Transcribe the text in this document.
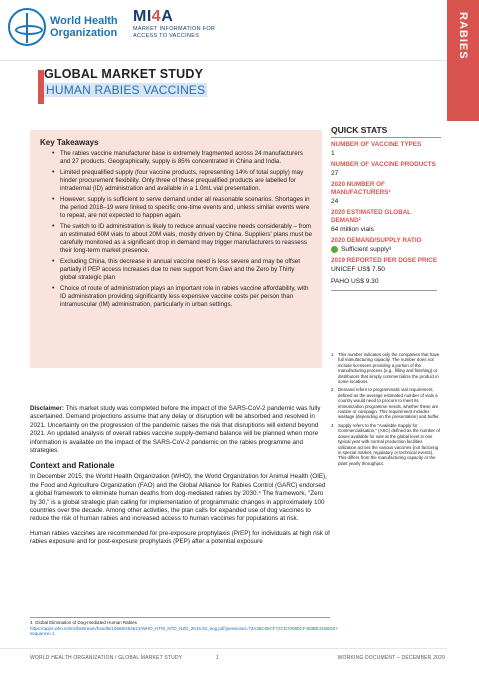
RABIES
World Health
Organization
MI4A
MARKET INFORMATION FOR
ACCESS TO VACCINES
GLOBAL MARKET STUDY
HUMAN RABIES VACCINES
Key Takeaways
• The rabies vaccine manufacturer base is extremely fragmented across 24 manufacturers and 27 products. Geographically, supply is 85% concentrated in China and India.
• Limited prequalified supply (four vaccine products, representing 14% of total supply) may hinder procurement flexibility. Only three of these prequalified products are labelled for intradermal (ID) administration and available in a 1.0mL vial presentation.
• However, supply is sufficient to serve demand under all reasonable scenarios. Shortages in the period 2018–19 were linked to specific one-time events and, unless similar events were to repeat, are not expected to happen again.
• The switch to ID administration is likely to reduce annual vaccine needs considerably – from an estimated 60M vials to about 20M vials, mostly driven by China. Suppliers' plans must be carefully monitored as a significant drop in demand may trigger manufacturers to reassess their long-term market presence.
• Excluding China, this decrease in annual vaccine need is less severe and may be offset partially if PEP access increases due to new support from Gavi and the Zero by Thirty global strategic plan
• Choice of route of administration plays an important role in rabies vaccine affordability, with ID administration providing significantly less expensive vaccine costs per person than intramuscular (IM) administration, particularly in urban settings.
QUICK STATS
NUMBER OF VACCINE TYPES
1
NUMBER OF VACCINE PRODUCTS
27
2020 NUMBER OF MANUFACTURERS¹
24
2020 ESTIMATED GLOBAL DEMAND²
64 million vials
2020 DEMAND/SUPPLY RATIO
Sufficient supply³
2019 REPORTED PER DOSE PRICE
UNICEF US$ 7.50
PAHO US$ 9.30
1 This number indicates only the companies that have full manufacturing capacity. The number does not include licensees providing a portion of the manufacturing process (e.g., filling and finishing) or distributors that simply commercialize the product in some locations.
2 Demand refers to programmatic vial requirement, defined as the average estimated number of vials a country would need to procure to meet its immunization programme needs, whether these are routine or campaign. This requirement includes wastage (depending on the presentation) and buffer.
3 Supply refers to the "Available Supply for Commercialisation," (ASC) defined as the number of doses available for sale at the global level in one typical year with normal production facilities utilization across the various vaccines (not factoring in special market, regulatory or technical events). This differs from the manufacturing capacity or the plant yearly throughput.

Disclaimer: This market study was completed before the impact of the SARS-CoV-2 pandemic was fully ascertained. Demand projections assume that any delay or disruption will be absorbed and resolved in 2021. Uncertainty on the progression of the pandemic raises the risk that disruptions will extend beyond 2021. An updated analysis of overall rabies vaccine supply-demand balance will be planned when more information is available on the impact of the SARS-CoV-2 pandemic on the rabies programme and strategies.

Context and Rationale

In December 2015, the World Health Organization (WHO), the World Organization for Animal Health (OIE), the Food and Agriculture Organization (FAO) and the Global Alliance for Rabies Control (GARC) endorsed a global framework to eliminate human deaths from dog-mediated rabies by 2030.⁴ The framework, "Zero by 30," is a global strategic plan calling for implementation of programmatic changes in approximately 100 countries over the decade. Among other activities, the plan calls for expanded use of dog vaccines to reduce the risk of human rabies and increased access to human vaccines for populations at risk.

Human rabies vaccines are recommended for pre-exposure prophylaxis (PrEP) for individuals at high risk of rabies exposure and for post-exposure prophylaxis (PEP) after a potential exposure

4 Global Elimination of Dog-mediated Human Rabies https://apps.who.int/iris/bitstream/handle/10665/254621/WHO_HTM_NTD_NZD_2016.02_eng.pdf;jsessionid=73A39C65CF72CD70080CF493BE31B6D0?sequence=1
WORLD HEALTH ORGANIZATION / GLOBAL MARKET STUDY	1	WORKING DOCUMENT – DECEMBER 2020
